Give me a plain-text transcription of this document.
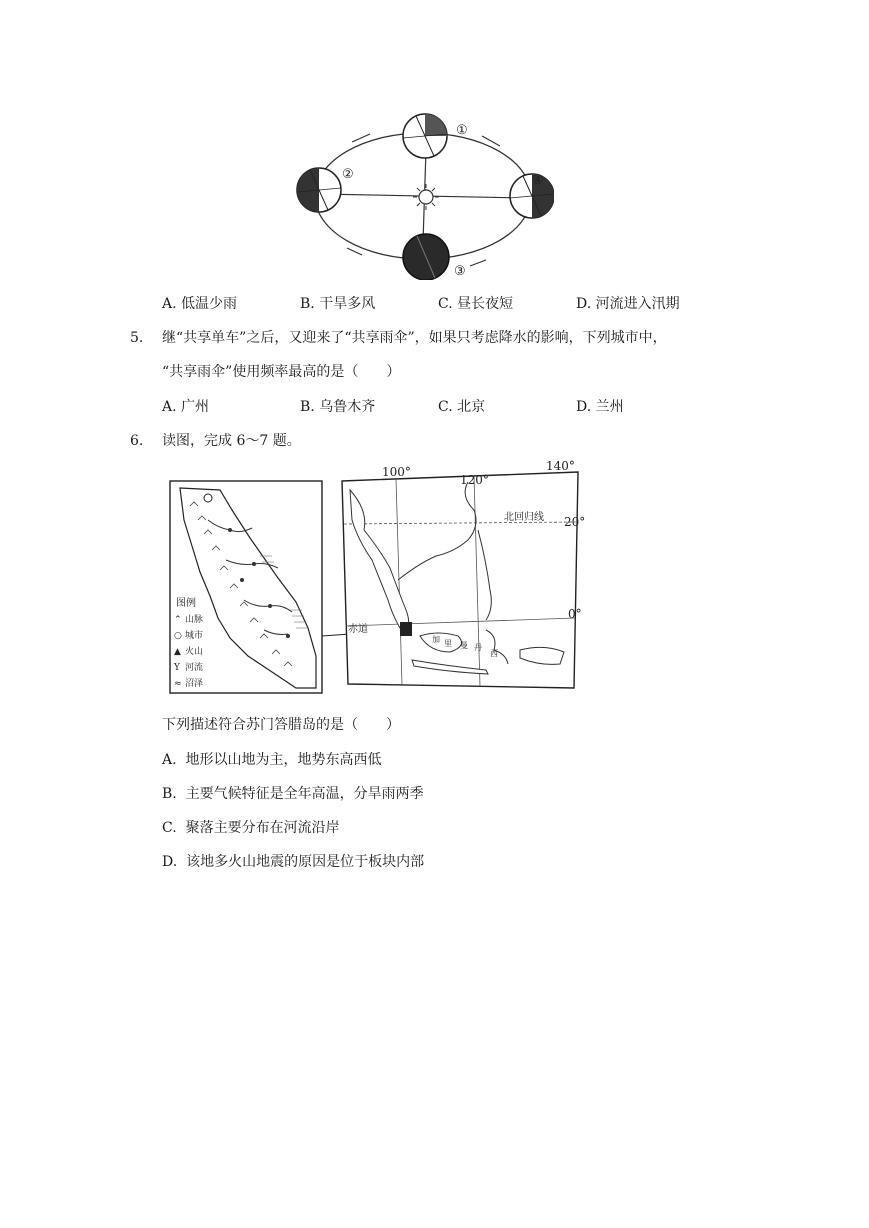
①
②
③
④
A. 低温少雨	B. 干旱多风	C. 昼长夜短	D. 河流进入汛期
5. 继“共享单车”之后，又迎来了“共享雨伞”，如果只考虑降水的影响，下列城市中，
“共享雨伞”使用频率最高的是（　　）
A. 广州	B. 乌鲁木齐	C. 北京	D. 兰州
6. 读图，完成 6～7 题。
图例
⌃ 山脉
○ 城市
▲ 火山
Y 河流
≈ 沼泽
100°
120°
140°
20°
0°
北回归线
赤道
加 里 曼 丹
西
下列描述符合苏门答腊岛的是（　　）
A. 地形以山地为主，地势东高西低
B. 主要气候特征是全年高温，分旱雨两季
C. 聚落主要分布在河流沿岸
D. 该地多火山地震的原因是位于板块内部
